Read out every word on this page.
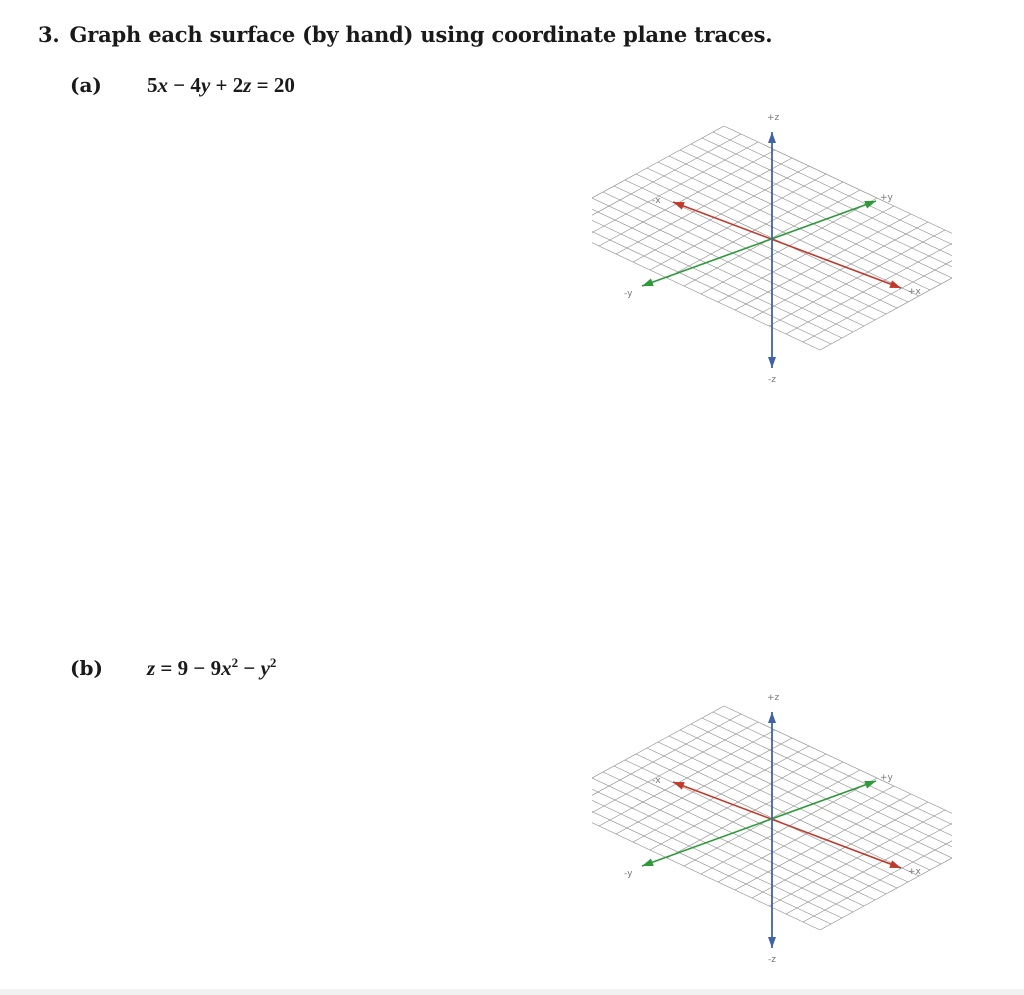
3. Graph each surface (by hand) using coordinate plane traces.
(a) 5x − 4y + 2z = 20
+z
-z
-x
+x
+y
-y
(b) $z = 9 - 9x^2 - y^2$
+z
-z
-x
+x
+y
-y
